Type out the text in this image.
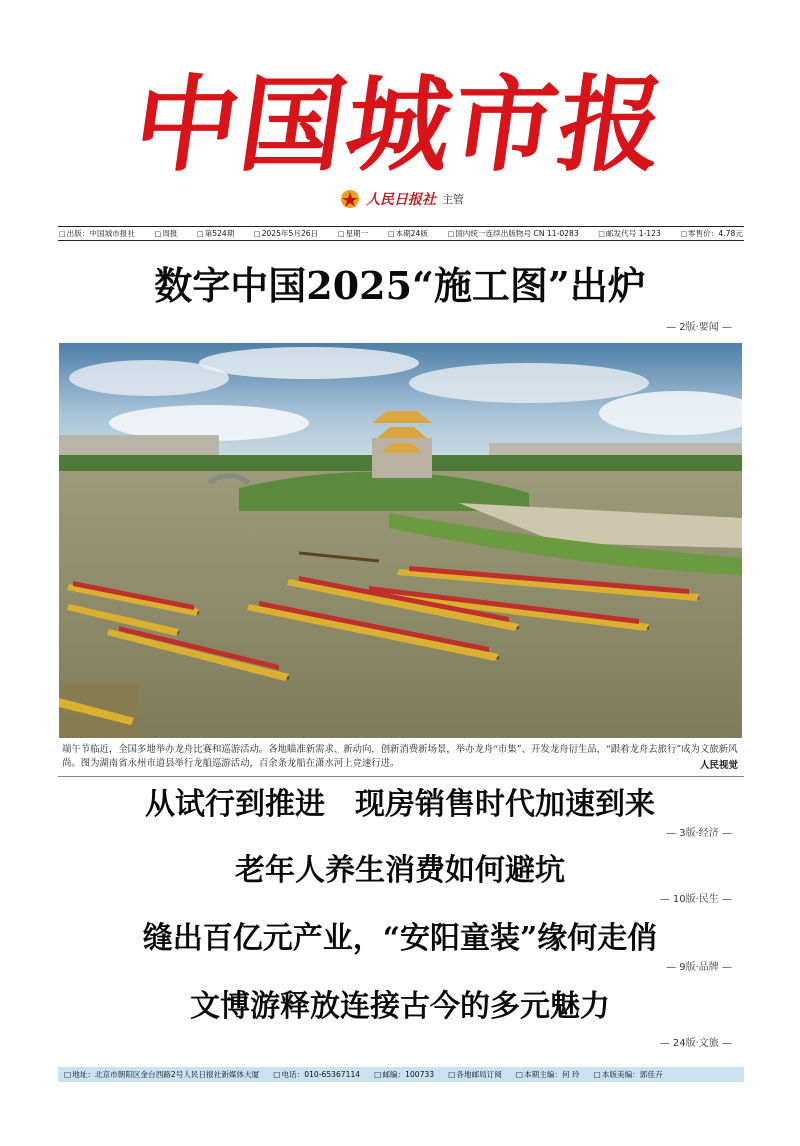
中国城市报
人民日报社 主管
□ 出版：中国城市报社	□ 周报	□ 第524期	□ 2025年5月26日	□ 星期一	□ 本期24版	□ 国内统一连续出版物号 CN 11-0283	□ 邮发代号 1-123	□ 零售价：4.78元
数字中国2025“施工图”出炉
— 2版·要闻 —
端午节临近，全国多地举办龙舟比赛和巡游活动。各地瞄准新需求、新动向，创新消费新场景，举办龙舟“市集”、开发龙舟衍生品，“跟着龙舟去旅行”成为文旅新风尚。图为湖南省永州市道县举行龙船巡游活动，百余条龙船在潇水河上竞速行进。	人民视觉
从试行到推进　现房销售时代加速到来
— 3版·经济 —
老年人养生消费如何避坑
— 10版·民生 —
缝出百亿元产业，“安阳童装”缘何走俏
— 9版·品牌 —
文博游释放连接古今的多元魅力
— 24版·文旅 —
□ 地址：北京市朝阳区金台西路2号人民日报社新媒体大厦	□ 电话：010-65367114	□ 邮编：100733	□ 各地邮局订阅	□ 本期主编：何 玲	□ 本版美编：郭佳卉
